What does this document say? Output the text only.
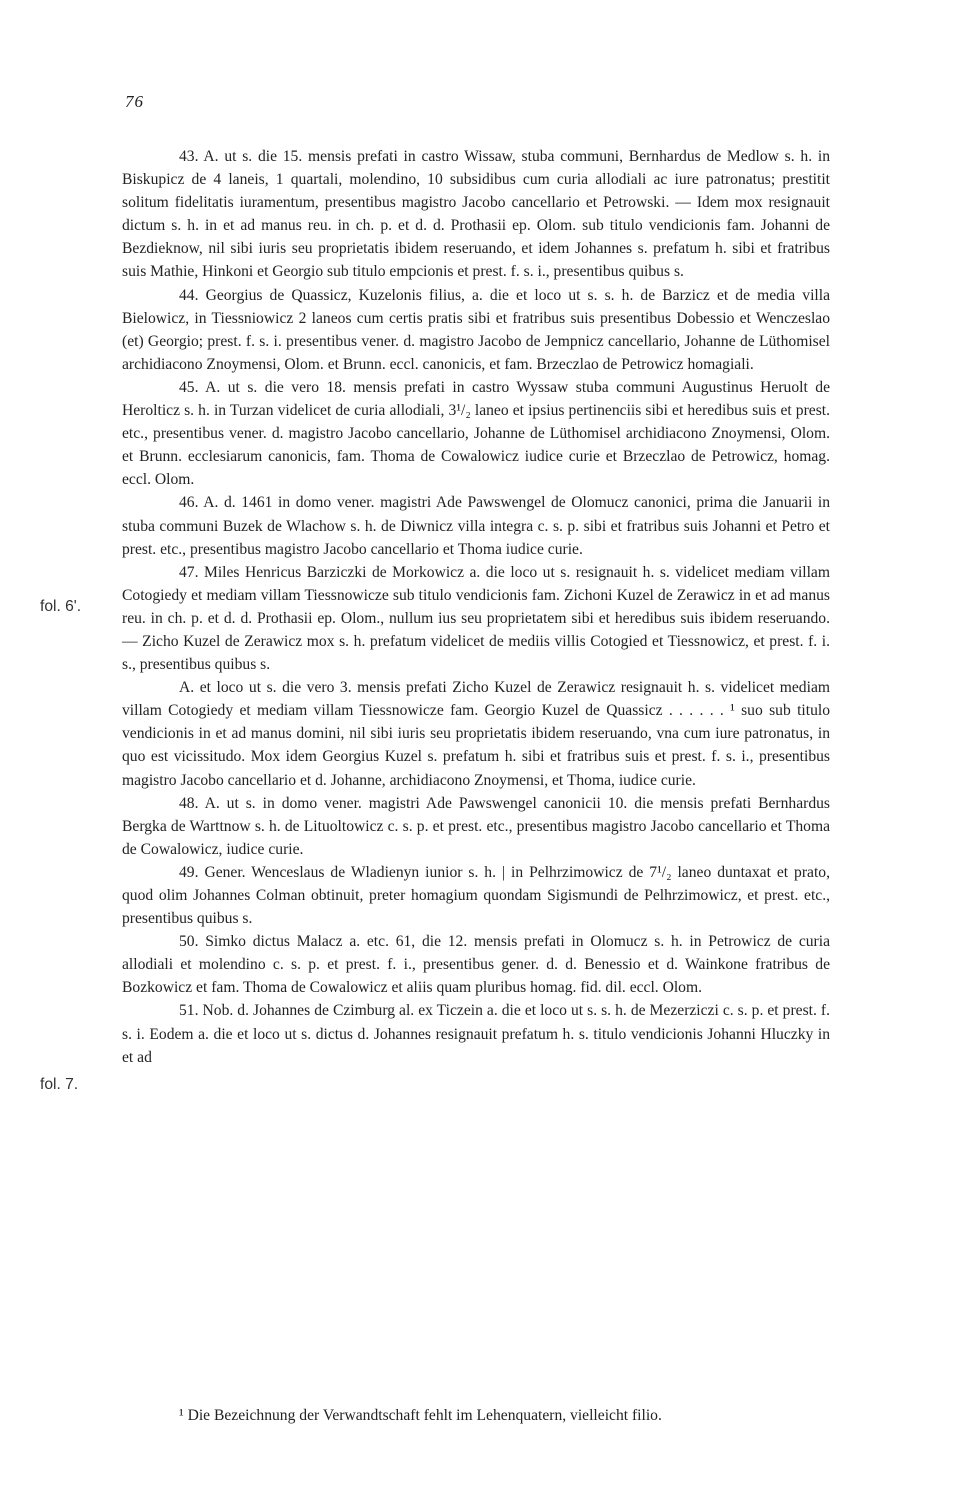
76

43. A. ut s. die 15. mensis prefati in castro Wissaw, stuba communi, Bernhardus de Medlow s. h. in Biskupicz de 4 laneis, 1 quartali, molendino, 10 subsidibus cum curia allodiali ac iure patronatus; prestitit solitum fidelitatis iuramentum, presentibus magistro Jacobo cancellario et Petrowski. — Idem mox resignauit dictum s. h. in et ad manus reu. in ch. p. et d. d. Prothasii ep. Olom. sub titulo vendicionis fam. Johanni de Bezdieknow, nil sibi iuris seu proprietatis ibidem reseruando, et idem Johannes s. prefatum h. sibi et fratribus suis Mathie, Hinkoni et Georgio sub titulo empcionis et prest. f. s. i., presentibus quibus s.

44. Georgius de Quassicz, Kuzelonis filius, a. die et loco ut s. s. h. de Barzicz et de media villa Bielowicz, in Tiessniowicz 2 laneos cum certis pratis sibi et fratribus suis presentibus Dobessio et Wenczeslao (et) Georgio; prest. f. s. i. presentibus vener. d. magistro Jacobo de Jempnicz cancellario, Johanne de Lüthomisel archidiacono Znoymensi, Olom. et Brunn. eccl. canonicis, et fam. Brzeczlao de Petrowicz homagiali.

45. A. ut s. die vero 18. mensis prefati in castro Wyssaw stuba communi Augustinus Heruolt de Herolticz s. h. in Turzan videlicet de curia allodiali, 3¹/₂ laneo et ipsius pertinenciis sibi et heredibus suis et prest. etc., presentibus vener. d. magistro Jacobo cancellario, Johanne de Lüthomisel archidiacono Znoymensi, Olom. et Brunn. ecclesiarum canonicis, fam. Thoma de Cowalowicz iudice curie et Brzeczlao de Petrowicz, homag. eccl. Olom.

46. A. d. 1461 in domo vener. magistri Ade Pawswengel de Olomucz canonici, prima die Januarii in stuba communi Buzek de Wlachow s. h. de Diwnicz villa integra c. s. p. sibi et fratribus suis Johanni et Petro et prest. etc., presentibus magistro Jacobo cancellario et Thoma iudice curie.

47. Miles Henricus Barziczki de Morkowicz a. die loco ut s. resignauit h. s. videlicet mediam villam Cotogiedy et mediam villam Tiessnowicze sub titulo vendicionis fam. Zichoni Kuzel de Zerawicz in et ad manus reu. in ch. p. et d. d. Prothasii ep. Olom., nullum ius seu proprietatem sibi et heredibus suis ibidem reseruando. — Zicho Kuzel de Zerawicz mox s. h. prefatum videlicet de mediis villis Cotogied et Tiessnowicz, et prest. f. i. s., presentibus quibus s.

A. et loco ut s. die vero 3. mensis prefati Zicho Kuzel de Zerawicz resignauit h. s. videlicet mediam villam Cotogiedy et mediam villam Tiessnowicze fam. Georgio Kuzel de Quassicz . . . . . . ¹ suo sub titulo vendicionis in et ad manus domini, nil sibi iuris seu proprietatis ibidem reseruando, vna cum iure patronatus, in quo est vicissitudo. Mox idem Georgius Kuzel s. prefatum h. sibi et fratribus suis et prest. f. s. i., presentibus magistro Jacobo cancellario et d. Johanne, archidiacono Znoymensi, et Thoma, iudice curie.

48. A. ut s. in domo vener. magistri Ade Pawswengel canonicii 10. die mensis prefati Bernhardus Bergka de Warttnow s. h. de Lituoltowicz c. s. p. et prest. etc., presentibus magistro Jacobo cancellario et Thoma de Cowalowicz, iudice curie.

49. Gener. Wenceslaus de Wladienyn iunior s. h. | in Pelhrzimowicz de 7¹/₂ laneo duntaxat et prato, quod olim Johannes Colman obtinuit, preter homagium quondam Sigismundi de Pelhrzimowicz, et prest. etc., presentibus quibus s.

50. Simko dictus Malacz a. etc. 61, die 12. mensis prefati in Olomucz s. h. in Petrowicz de curia allodiali et molendino c. s. p. et prest. f. i., presentibus gener. d. d. Benessio et d. Wainkone fratribus de Bozkowicz et fam. Thoma de Cowalowicz et aliis quam pluribus homag. fid. dil. eccl. Olom.

51. Nob. d. Johannes de Czimburg al. ex Ticzein a. die et loco ut s. s. h. de Mezerziczi c. s. p. et prest. f. s. i. Eodem a. die et loco ut s. dictus d. Johannes resignauit prefatum h. s. titulo vendicionis Johanni Hluczky in et ad

fol. 6'.
fol. 7.
¹ Die Bezeichnung der Verwandtschaft fehlt im Lehenquatern, vielleicht filio.
